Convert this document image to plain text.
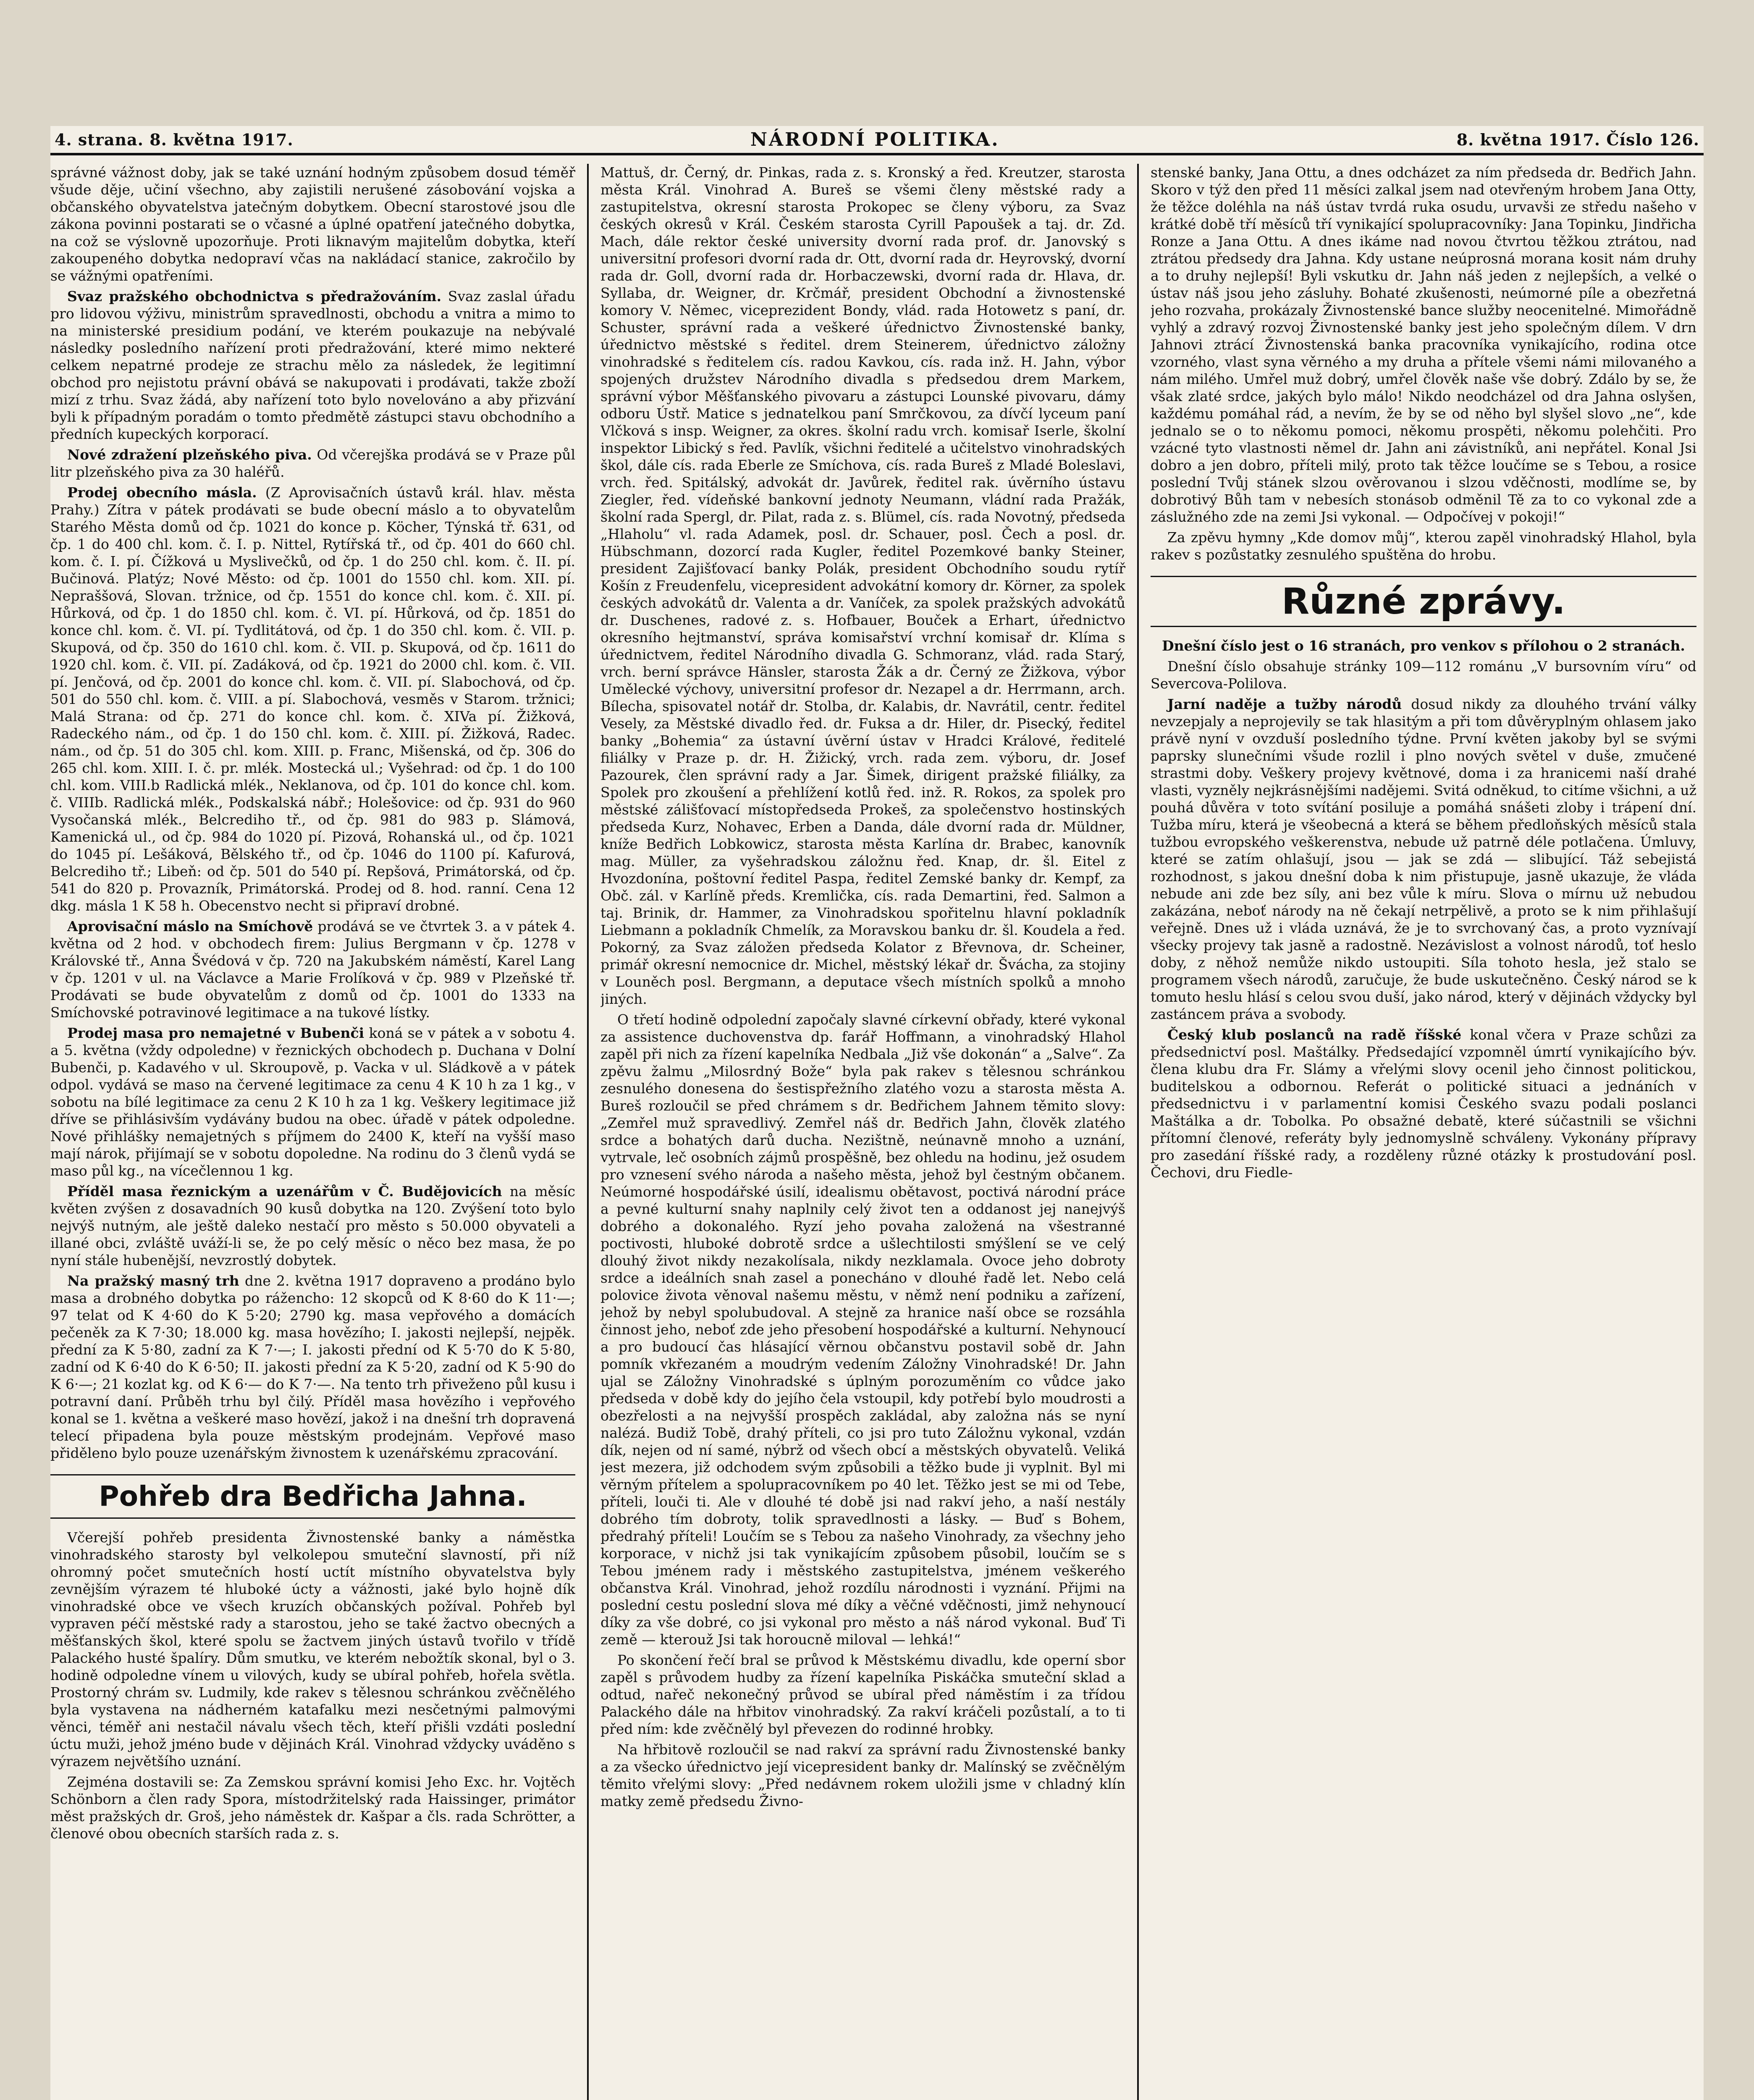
4. strana. 8. května 1917.	NÁRODNÍ POLITIKA.	8. května 1917. Číslo 126.

správné vážnost doby, jak se také uznání hodným způsobem dosud téměř všude děje, učiní všechno, aby zajistili nerušené zásobování vojska a občanského obyvatelstva jatečným dobytkem. Obecní starostové jsou dle zákona povinni postarati se o včasné a úplné opatření jatečného dobytka, na což se výslovně upozorňuje. Proti liknavým majitelům dobytka, kteří zakoupeného dobytka nedopraví včas na nakládací stanice, zakročilo by se vážnými opatřeními.

Svaz pražského obchodnictva s předražováním. Svaz zaslal úřadu pro lidovou výživu, ministrům spravedlnosti, obchodu a vnitra a mimo to na ministerské presidium podání, ve kterém poukazuje na nebývalé následky posledního nařízení proti předražování, které mimo nekteré celkem nepatrné prodeje ze strachu mělo za následek, že legitimní obchod pro nejistotu právní obává se nakupovati i prodávati, takže zboží mizí z trhu. Svaz žádá, aby nařízení toto bylo novelováno a aby přizvání byli k případným poradám o tomto předmětě zástupci stavu obchodního a předních kupeckých korporací.

Nové zdražení plzeňského piva. Od včerejška prodává se v Praze půl litr plzeňského piva za 30 haléřů.

Prodej obecního másla. (Z Aprovisačních ústavů král. hlav. města Prahy.) Zítra v pátek prodávati se bude obecní máslo a to obyvatelům Starého Města domů od čp. 1021 do konce p. Köcher, Týnská tř. 631, od čp. 1 do 400 chl. kom. č. I. p. Nittel, Rytířská tř., od čp. 401 do 660 chl. kom. č. I. pí. Čížková u Myslivečků, od čp. 1 do 250 chl. kom. č. II. pí. Bučinová. Platýz; Nové Město: od čp. 1001 do 1550 chl. kom. XII. pí. Nepraššová, Slovan. tržnice, od čp. 1551 do konce chl. kom. č. XII. pí. Hůrková, od čp. 1 do 1850 chl. kom. č. VI. pí. Hůrková, od čp. 1851 do konce chl. kom. č. VI. pí. Tydlitátová, od čp. 1 do 350 chl. kom. č. VII. p. Skupová, od čp. 350 do 1610 chl. kom. č. VII. p. Skupová, od čp. 1611 do 1920 chl. kom. č. VII. pí. Zadáková, od čp. 1921 do 2000 chl. kom. č. VII. pí. Jenčová, od čp. 2001 do konce chl. kom. č. VII. pí. Slabochová, od čp. 501 do 550 chl. kom. č. VIII. a pí. Slabochová, vesměs v Starom. tržnici; Malá Strana: od čp. 271 do konce chl. kom. č. XIVa pí. Žižková, Radeckého nám., od čp. 1 do 150 chl. kom. č. XIII. pí. Žižková, Radec. nám., od čp. 51 do 305 chl. kom. XIII. p. Franc, Mišenská, od čp. 306 do 265 chl. kom. XIII. I. č. pr. mlék. Mostecká ul.; Vyšehrad: od čp. 1 do 100 chl. kom. VIII.b Radlická mlék., Neklanova, od čp. 101 do konce chl. kom. č. VIIIb. Radlická mlék., Podskalská nábř.; Holešovice: od čp. 931 do 960 Vysočanská mlék., Belcrediho tř., od čp. 981 do 983 p. Slámová, Kamenická ul., od čp. 984 do 1020 pí. Pizová, Rohanská ul., od čp. 1021 do 1045 pí. Lešáková, Bělského tř., od čp. 1046 do 1100 pí. Kafurová, Belcrediho tř.; Libeň: od čp. 501 do 540 pí. Repšová, Primátorská, od čp. 541 do 820 p. Provazník, Primátorská. Prodej od 8. hod. ranní. Cena 12 dkg. másla 1 K 58 h. Obecenstvo necht si připraví drobné.

Aprovisační máslo na Smíchově prodává se ve čtvrtek 3. a v pátek 4. května od 2 hod. v obchodech firem: Julius Bergmann v čp. 1278 v Královské tř., Anna Švédová v čp. 720 na Jakubském náměstí, Karel Lang v čp. 1201 v ul. na Václavce a Marie Frolíková v čp. 989 v Plzeňské tř. Prodávati se bude obyvatelům z domů od čp. 1001 do 1333 na Smíchovské potravinové legitimace a na tukové lístky.

Prodej masa pro nemajetné v Bubenči koná se v pátek a v sobotu 4. a 5. května (vždy odpoledne) v řeznických obchodech p. Duchana v Dolní Bubenči, p. Kadavého v ul. Skroupově, p. Vacka v ul. Sládkově a v pátek odpol. vydává se maso na červené legitimace za cenu 4 K 10 h za 1 kg., v sobotu na bílé legitimace za cenu 2 K 10 h za 1 kg. Veškery legitimace již dříve se přihlásivším vydávány budou na obec. úřadě v pátek odpoledne. Nové přihlášky nemajetných s příjmem do 2400 K, kteří na vyšší maso mají nárok, přijímají se v sobotu dopoledne. Na rodinu do 3 členů vydá se maso půl kg., na vícečlennou 1 kg.

Příděl masa řeznickým a uzenářům v Č. Budějovicích na měsíc květen zvýšen z dosavadních 90 kusů dobytka na 120. Zvýšení toto bylo nejvýš nutným, ale ještě daleko nestačí pro město s 50.000 obyvateli a illané obci, zvláště uváží-li se, že po celý měsíc o něco bez masa, že po nyní stále hubenější, nevzrostlý dobytek.

Na pražský masný trh dne 2. května 1917 dopraveno a prodáno bylo masa a drobného dobytka po rážencho: 12 skopců od K 8·60 do K 11·—; 97 telat od K 4·60 do K 5·20; 2790 kg. masa vepřového a domácích pečeněk za K 7·30; 18.000 kg. masa hovězího; I. jakosti nejlepší, nejpěk. přední za K 5·80, zadní za K 7·—; I. jakosti přední od K 5·70 do K 5·80, zadní od K 6·40 do K 6·50; II. jakosti přední za K 5·20, zadní od K 5·90 do K 6·—; 21 kozlat kg. od K 6·— do K 7·—. Na tento trh přiveženo půl kusu i potravní daní. Průběh trhu byl čilý. Příděl masa hovězího i vepřového konal se 1. května a veškeré maso hovězí, jakož i na dnešní trh dopravená telecí připadena byla pouze městským prodejnám. Vepřové maso přiděleno bylo pouze uzenářským živnostem k uzenářskému zpracování.

Pohřeb dra Bedřicha Jahna.

Včerejší pohřeb presidenta Živnostenské banky a náměstka vinohradského starosty byl velkolepou smuteční slavností, při níž ohromný počet smutečních hostí uctít místního obyvatelstva byly zevnějším výrazem té hluboké úcty a vážnosti, jaké bylo hojně dík vinohradské obce ve všech kruzích občanských požíval. Pohřeb byl vypraven péčí městské rady a starostou, jeho se také žactvo obecných a měšťanských škol, které spolu se žactvem jiných ústavů tvořilo v třídě Palackého husté špalíry. Dům smutku, ve kterém nebožtík skonal, byl o 3. hodině odpoledne vínem u vilových, kudy se ubíral pohřeb, hořela světla. Prostorný chrám sv. Ludmily, kde rakev s tělesnou schránkou zvěčnělého byla vystavena na nádherném katafalku mezi nesčetnými palmovými věnci, téměř ani nestačil návalu všech těch, kteří přišli vzdáti poslední úctu muži, jehož jméno bude v dějinách Král. Vinohrad vždycky uváděno s výrazem největšího uznání.

Zejména dostavili se: Za Zemskou správní komisi Jeho Exc. hr. Vojtěch Schönborn a člen rady Spora, místodržitelský rada Haissinger, primátor měst pražských dr. Groš, jeho náměstek dr. Kašpar a čls. rada Schrötter, a členové obou obecních starších rada z. s.

Mattuš, dr. Černý, dr. Pinkas, rada z. s. Kronský a řed. Kreutzer, starosta města Král. Vinohrad A. Bureš se všemi členy městské rady a zastupitelstva, okresní starosta Prokopec se členy výboru, za Svaz českých okresů v Král. Českém starosta Cyrill Papoušek a taj. dr. Zd. Mach, dále rektor české university dvorní rada prof. dr. Janovský s universitní profesori dvorní rada dr. Ott, dvorní rada dr. Heyrovský, dvorní rada dr. Goll, dvorní rada dr. Horbaczewski, dvorní rada dr. Hlava, dr. Syllaba, dr. Weigner, dr. Krčmář, president Obchodní a živnostenské komory V. Němec, viceprezident Bondy, vlád. rada Hotowetz s paní, dr. Schuster, správní rada a veškeré úřednictvo Živnostenské banky, úřednictvo městské s ředitel. drem Steinerem, úřednictvo záložny vinohradské s ředitelem cís. radou Kavkou, cís. rada inž. H. Jahn, výbor spojených družstev Národního divadla s předsedou drem Markem, správní výbor Měšťanského pivovaru a zástupci Lounské pivovaru, dámy odboru Ústř. Matice s jednatelkou paní Smrčkovou, za dívčí lyceum paní Vlčková s insp. Weigner, za okres. školní radu vrch. komisař Iserle, školní inspektor Libický s řed. Pavlík, všichni ředitelé a učitelstvo vinohradských škol, dále cís. rada Eberle ze Smíchova, cís. rada Bureš z Mladé Boleslavi, vrch. řed. Spitálský, advokát dr. Javůrek, ředitel rak. úvěrního ústavu Ziegler, řed. vídeňské bankovní jednoty Neumann, vládní rada Pražák, školní rada Spergl, dr. Pilat, rada z. s. Blümel, cís. rada Novotný, předseda „Hlaholu“ vl. rada Adamek, posl. dr. Schauer, posl. Čech a posl. dr. Hübschmann, dozorcí rada Kugler, ředitel Pozemkové banky Steiner, president Zajišťovací banky Polák, president Obchodního soudu rytíř Košín z Freudenfelu, vicepresident advokátní komory dr. Körner, za spolek českých advokátů dr. Valenta a dr. Vaníček, za spolek pražských advokátů dr. Duschenes, radové z. s. Hofbauer, Bouček a Erhart, úřednictvo okresního hejtmanství, správa komisařství vrchní komisař dr. Klíma s úřednictvem, ředitel Národního divadla G. Schmoranz, vlád. rada Starý, vrch. berní správce Hänsler, starosta Žák a dr. Černý ze Žižkova, výbor Umělecké výchovy, universitní profesor dr. Nezapel a dr. Herrmann, arch. Bílecha, spisovatel notář dr. Stolba, dr. Kalabis, dr. Navrátil, centr. ředitel Vesely, za Městské divadlo řed. dr. Fuksa a dr. Hiler, dr. Pisecký, ředitel banky „Bohemia“ za ústavní úvěrní ústav v Hradci Králové, ředitelé filiálky v Praze p. dr. H. Žižický, vrch. rada zem. výboru, dr. Josef Pazourek, člen správní rady a Jar. Šimek, dirigent pražské filiálky, za Spolek pro zkoušení a přehlížení kotlů řed. inž. R. Rokos, za spolek pro městské zálišťovací místopředseda Prokeš, za společenstvo hostinských předseda Kurz, Nohavec, Erben a Danda, dále dvorní rada dr. Müldner, kníže Bedřich Lobkowicz, starosta města Karlína dr. Brabec, kanovník mag. Müller, za vyšehradskou záložnu řed. Knap, dr. šl. Eitel z Hvozdonína, poštovní ředitel Paspa, ředitel Zemské banky dr. Kempf, za Obč. zál. v Karlíně předs. Kremlička, cís. rada Demartini, řed. Salmon a taj. Brinik, dr. Hammer, za Vinohradskou spořitelnu hlavní pokladník Liebmann a pokladník Chmelík, za Moravskou banku dr. šl. Koudela a řed. Pokorný, za Svaz záložen předseda Kolator z Břevnova, dr. Scheiner, primář okresní nemocnice dr. Michel, městský lékař dr. Švácha, za stojiny v Louněch posl. Bergmann, a deputace všech místních spolků a mnoho jiných.

O třetí hodině odpolední započaly slavné církevní obřady, které vykonal za assistence duchovenstva dp. farář Hoffmann, a vinohradský Hlahol zapěl při nich za řízení kapelníka Nedbala „Již vše dokonán“ a „Salve“. Za zpěvu žalmu „Milosrdný Bože“ byla pak rakev s tělesnou schránkou zesnulého donesena do šestispřežního zlatého vozu a starosta města A. Bureš rozloučil se před chrámem s dr. Bedřichem Jahnem těmito slovy: „Zemřel muž spravedlivý. Zemřel náš dr. Bedřich Jahn, člověk zlatého srdce a bohatých darů ducha. Nezištně, neúnavně mnoho a uznání, vytrvale, leč osobních zájmů prospěšně, bez ohledu na hodinu, jež osudem pro vznesení svého národa a našeho města, jehož byl čestným občanem. Neúmorné hospodářské úsilí, idealismu obětavost, poctivá národní práce a pevné kulturní snahy naplnily celý život ten a oddanost jej nanejvýš dobrého a dokonalého. Ryzí jeho povaha založená na všestranné poctivosti, hluboké dobrotě srdce a ušlechtilosti smýšlení se ve celý dlouhý život nikdy nezakolísala, nikdy nezklamala. Ovoce jeho dobroty srdce a ideálních snah zasel a ponecháno v dlouhé řadě let. Nebo celá polovice života věnoval našemu městu, v němž není podniku a zařízení, jehož by nebyl spolubudoval. A stejně za hranice naší obce se rozsáhla činnost jeho, neboť zde jeho přesobení hospodářské a kulturní. Nehynoucí a pro budoucí čas hlásající věrnou občanstvu postavil sobě dr. Jahn pomník vkřezaném a moudrým vedením Záložny Vinohradské! Dr. Jahn ujal se Záložny Vinohradské s úplným porozuměním co vůdce jako předseda v době kdy do jejího čela vstoupil, kdy potřebí bylo moudrosti a obezřelosti a na nejvyšší prospěch zakládal, aby založna nás se nyní nalézá. Budiž Tobě, drahý příteli, co jsi pro tuto Záložnu vykonal, vzdán dík, nejen od ní samé, nýbrž od všech obcí a městských obyvatelů. Veliká jest mezera, již odchodem svým způsobili a těžko bude ji vyplnit. Byl mi věrným přítelem a spolupracovníkem po 40 let. Těžko jest se mi od Tebe, příteli, louči ti. Ale v dlouhé té době jsi nad rakví jeho, a naší nestály dobrého tím dobroty, tolik spravedlnosti a lásky. — Buď s Bohem, předrahý příteli! Loučím se s Tebou za našeho Vinohrady, za všechny jeho korporace, v nichž jsi tak vynikajícím způsobem působil, loučím se s Tebou jménem rady i městského zastupitelstva, jménem veškerého občanstva Král. Vinohrad, jehož rozdílu národnosti i vyznání. Přijmi na poslední cestu poslední slova mé díky a věčné vděčnosti, jimž nehynoucí díky za vše dobré, co jsi vykonal pro město a náš národ vykonal. Buď Ti země — kterouž Jsi tak horoucně miloval — lehká!“

Po skončení řečí bral se průvod k Městskému divadlu, kde operní sbor zapěl s průvodem hudby za řízení kapelníka Piskáčka smuteční sklad a odtud, nařeč nekonečný průvod se ubíral před náměstím i za třídou Palackého dále na hřbitov vinohradský. Za rakví kráčeli pozůstalí, a to ti před ním: kde zvěčnělý byl převezen do rodinné hrobky.

Na hřbitově rozloučil se nad rakví za správní radu Živnostenské banky a za všecko úřednictvo její vicepresident banky dr. Malínský se zvěčnělým těmito vřelými slovy: „Před nedávnem rokem uložili jsme v chladný klín matky země předsedu Živno-

stenské banky, Jana Ottu, a dnes odcházet za ním předseda dr. Bedřich Jahn. Skoro v týž den před 11 měsíci zalkal jsem nad otevřeným hrobem Jana Otty, že těžce doléhla na náš ústav tvrdá ruka osudu, urvavši ze středu našeho v krátké době tří měsíců tří vynikající spolupracovníky: Jana Topinku, Jindřicha Ronze a Jana Ottu. A dnes ikáme nad novou čtvrtou těžkou ztrátou, nad ztrátou předsedy dra Jahna. Kdy ustane neúprosná morana kosit nám druhy a to druhy nejlepší! Byli vskutku dr. Jahn náš jeden z nejlepších, a velké o ústav náš jsou jeho zásluhy. Bohaté zkušenosti, neúmorné píle a obezřetná jeho rozvaha, prokázaly Živnostenské bance služby neocenitelné. Mimořádně vyhlý a zdravý rozvoj Živnostenské banky jest jeho společným dílem. V drn Jahnovi ztrácí Živnostenská banka pracovníka vynikajícího, rodina otce vzorného, vlast syna věrného a my druha a přítele všemi námi milovaného a nám milého. Umřel muž dobrý, umřel člověk naše vše dobrý. Zdálo by se, že však zlaté srdce, jakých bylo málo! Nikdo neodcházel od dra Jahna oslyšen, každému pomáhal rád, a nevím, že by se od něho byl slyšel slovo „ne“, kde jednalo se o to někomu pomoci, někomu prospěti, někomu polehčiti. Pro vzácné tyto vlastnosti němel dr. Jahn ani závistníků, ani nepřátel. Konal Jsi dobro a jen dobro, příteli milý, proto tak těžce loučíme se s Tebou, a rosice poslední Tvůj stánek slzou ověrovanou i slzou vděčnosti, modlíme se, by dobrotivý Bůh tam v nebesích stonásob odměnil Tě za to co vykonal zde a záslužného zde na zemi Jsi vykonal. — Odpočívej v pokoji!“

Za zpěvu hymny „Kde domov můj“, kterou zapěl vinohradský Hlahol, byla rakev s pozůstatky zesnulého spuštěna do hrobu.

Různé zprávy.
Dnešní číslo jest o 16 stranách, pro venkov s přílohou o 2 stranách.

Dnešní číslo obsahuje stránky 109—112 románu „V bursovním víru“ od Severcova-Polilova.

Jarní naděje a tužby národů dosud nikdy za dlouhého trvání války nevzepjaly a neprojevily se tak hlasitým a při tom důvěryplným ohlasem jako právě nyní v ovzduší posledního týdne. První květen jakoby byl se svými paprsky slunečními všude rozlil i plno nových světel v duše, zmučené strastmi doby. Veškery projevy květnové, doma i za hranicemi naší drahé vlasti, vyzněly nejkrásnějšími nadějemi. Svitá odněkud, to citíme všichni, a už pouhá důvěra v toto svítání posiluje a pomáhá snášeti zloby i trápení dní. Tužba míru, která je všeobecná a která se během předloňských měsíců stala tužbou evropského veškerenstva, nebude už patrně déle potlačena. Úmluvy, které se zatím ohlašují, jsou — jak se zdá — slibující. Táž sebejistá rozhodnost, s jakou dnešní doba k nim přistupuje, jasně ukazuje, že vláda nebude ani zde bez síly, ani bez vůle k míru. Slova o mírnu už nebudou zakázána, neboť národy na ně čekají netrpělivě, a proto se k nim přihlašují veřejně. Dnes už i vláda uznává, že je to svrchovaný čas, a proto vyznívají všecky projevy tak jasně a radostně. Nezávislost a volnost národů, toť heslo doby, z něhož nemůže nikdo ustoupiti. Síla tohoto hesla, jež stalo se programem všech národů, zaručuje, že bude uskutečněno. Český národ se k tomuto heslu hlásí s celou svou duší, jako národ, který v dějinách vždycky byl zastáncem práva a svobody.

Český klub poslanců na radě říšské konal včera v Praze schůzi za předsednictví posl. Maštálky. Předsedající vzpomněl úmrtí vynikajícího býv. člena klubu dra Fr. Slámy a vřelými slovy ocenil jeho činnost politickou, buditelskou a odbornou. Referát o politické situaci a jednáních v předsednictvu i v parlamentní komisi Českého svazu podali poslanci Maštálka a dr. Tobolka. Po obsažné debatě, které súčastnili se všichni přítomní členové, referáty byly jednomyslně schváleny. Vykonány přípravy pro zasedání říšské rady, a rozděleny různé otázky k prostudování posl. Čechovi, dru Fiedle-
